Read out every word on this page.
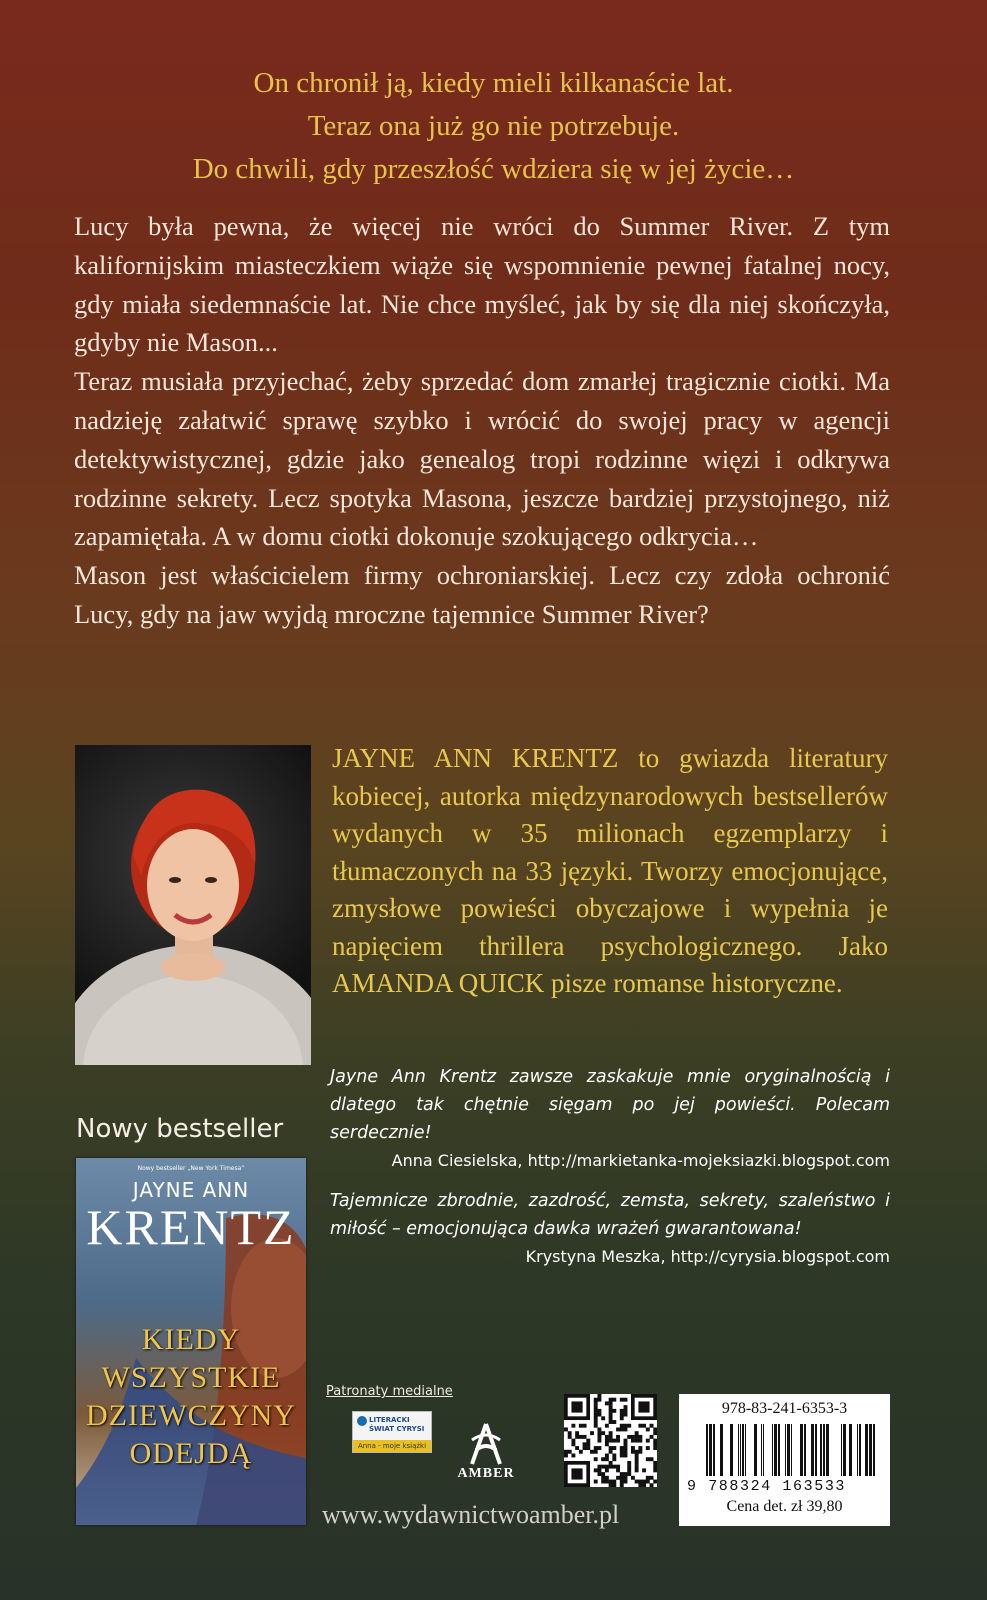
On chronił ją, kiedy mieli kilkanaście lat.
Teraz ona już go nie potrzebuje.
Do chwili, gdy przeszłość wdziera się w jej życie…

Lucy była pewna, że więcej nie wróci do Summer River. Z tym kalifornijskim miasteczkiem wiąże się wspomnienie pewnej fatalnej nocy, gdy miała siedemnaście lat. Nie chce myśleć, jak by się dla niej skończyła, gdyby nie Mason...

Teraz musiała przyjechać, żeby sprzedać dom zmarłej tragicznie ciotki. Ma nadzieję załatwić sprawę szybko i wrócić do swojej pracy w agencji detektywistycznej, gdzie jako genealog tropi rodzinne więzi i odkrywa rodzinne sekrety. Lecz spotyka Masona, jeszcze bardziej przystojnego, niż zapamiętała. A w domu ciotki dokonuje szokującego odkrycia…

Mason jest właścicielem firmy ochroniarskiej. Lecz czy zdoła ochronić Lucy, gdy na jaw wyjdą mroczne tajemnice Summer River?

JAYNE ANN KRENTZ to gwiazda literatury kobiecej, autorka międzynarodowych bestsellerów wydanych w 35 milionach egzemplarzy i tłumaczonych na 33 języki. Tworzy emocjonujące, zmysłowe powieści obyczajowe i wypełnia je napięciem thrillera psychologicznego. Jako AMANDA QUICK pisze romanse historyczne.
Jayne Ann Krentz zawsze zaskakuje mnie oryginalnością i dlatego tak chętnie sięgam po jej powieści. Polecam serdecznie!
Anna Ciesielska, http://markietanka-mojeksiazki.blogspot.com
Tajemnicze zbrodnie, zazdrość, zemsta, sekrety, szaleństwo i miłość – emocjonująca dawka wrażeń gwarantowana!
Krystyna Meszka, http://cyrysia.blogspot.com
Nowy bestseller
Nowy bestseller „New York Timesa”
JAYNE ANN
KRENTZ
KIEDY
WSZYSTKIE
DZIEWCZYNY
ODEJDĄ
Patronaty medialne
LITERACKI
ŚWIAT CYRYSI
Anna - moje książki
AMBER
978-83-241-6353-3
9 788324 163533
Cena det. zł 39,80
www.wydawnictwoamber.pl
